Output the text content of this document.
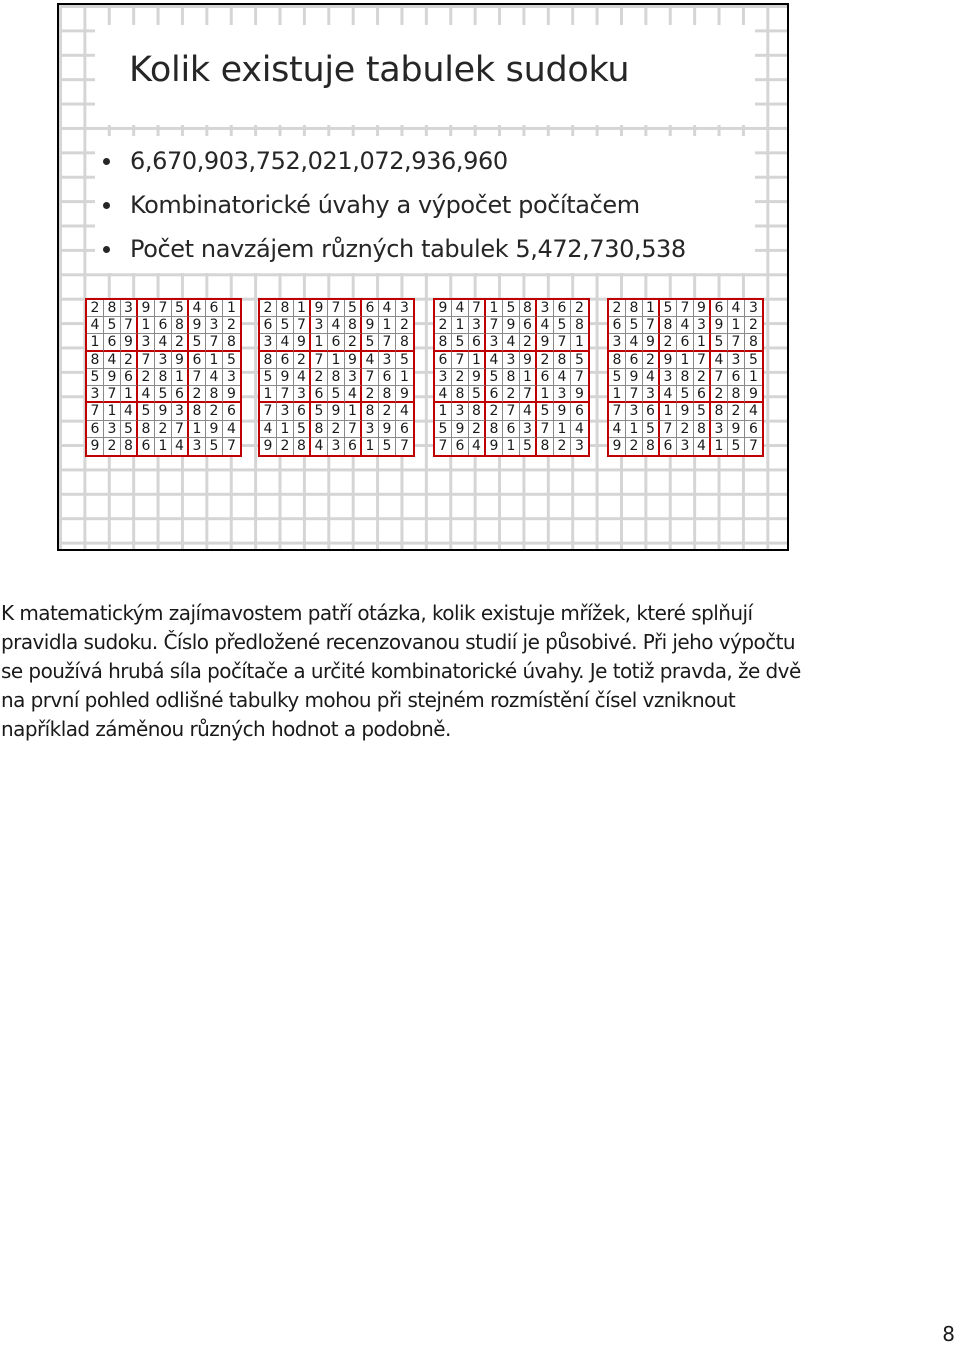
Kolik existuje tabulek sudoku
6,670,903,752,021,072,936,960
Kombinatorické úvahy a výpočet počítačem
Počet navzájem různých tabulek 5,472,730,538
2 8 3 9 7 5 4 6 1
4 5 7 1 6 8 9 3 2
1 6 9 3 4 2 5 7 8
8 4 2 7 3 9 6 1 5
5 9 6 2 8 1 7 4 3
3 7 1 4 5 6 2 8 9
7 1 4 5 9 3 8 2 6
6 3 5 8 2 7 1 9 4
9 2 8 6 1 4 3 5 7
2 8 1 9 7 5 6 4 3
6 5 7 3 4 8 9 1 2
3 4 9 1 6 2 5 7 8
8 6 2 7 1 9 4 3 5
5 9 4 2 8 3 7 6 1
1 7 3 6 5 4 2 8 9
7 3 6 5 9 1 8 2 4
4 1 5 8 2 7 3 9 6
9 2 8 4 3 6 1 5 7
9 4 7 1 5 8 3 6 2
2 1 3 7 9 6 4 5 8
8 5 6 3 4 2 9 7 1
6 7 1 4 3 9 2 8 5
3 2 9 5 8 1 6 4 7
4 8 5 6 2 7 1 3 9
1 3 8 2 7 4 5 9 6
5 9 2 8 6 3 7 1 4
7 6 4 9 1 5 8 2 3
2 8 1 5 7 9 6 4 3
6 5 7 8 4 3 9 1 2
3 4 9 2 6 1 5 7 8
8 6 2 9 1 7 4 3 5
5 9 4 3 8 2 7 6 1
1 7 3 4 5 6 2 8 9
7 3 6 1 9 5 8 2 4
4 1 5 7 2 8 3 9 6
9 2 8 6 3 4 1 5 7

K matematickým zajímavostem patří otázka, kolik existuje mřížek, které splňují
pravidla sudoku. Číslo předložené recenzovanou studií je působivé. Při jeho výpočtu
se používá hrubá síla počítače a určité kombinatorické úvahy. Je totiž pravda, že dvě
na první pohled odlišné tabulky mohou při stejném rozmístění čísel vzniknout
například záměnou různých hodnot a podobně.

8
